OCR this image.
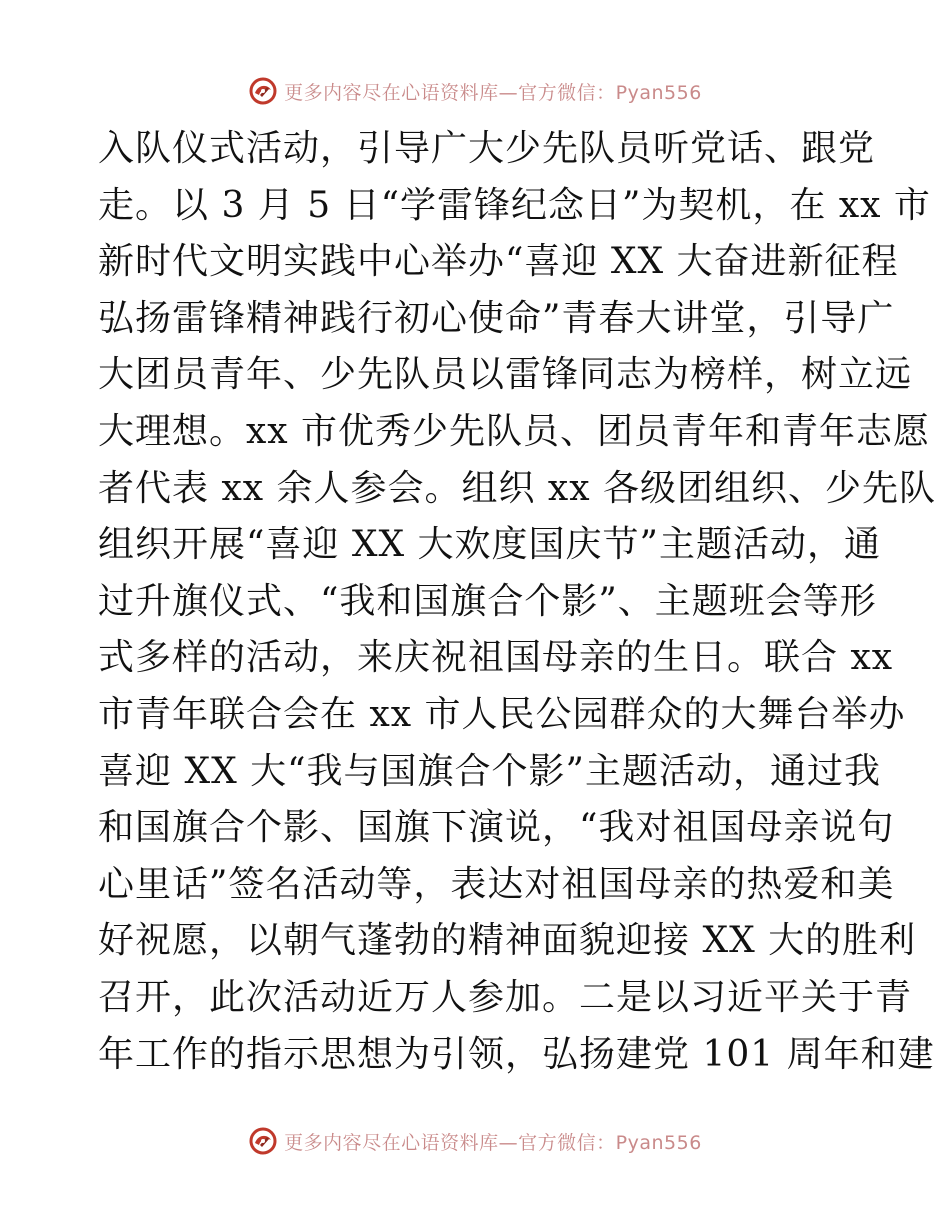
更多内容尽在心语资料库—官方微信：Pyan556
入队仪式活动，引导广大少先队员听党话、跟党
走。以 3 月 5 日“学雷锋纪念日”为契机，在 xx 市
新时代文明实践中心举办“喜迎 XX 大奋进新征程
弘扬雷锋精神践行初心使命”青春大讲堂，引导广
大团员青年、少先队员以雷锋同志为榜样，树立远
大理想。xx 市优秀少先队员、团员青年和青年志愿
者代表 xx 余人参会。组织 xx 各级团组织、少先队
组织开展“喜迎 XX 大欢度国庆节”主题活动，通
过升旗仪式、“我和国旗合个影”、主题班会等形
式多样的活动，来庆祝祖国母亲的生日。联合 xx
市青年联合会在 xx 市人民公园群众的大舞台举办
喜迎 XX 大“我与国旗合个影”主题活动，通过我
和国旗合个影、国旗下演说，“我对祖国母亲说句
心里话”签名活动等，表达对祖国母亲的热爱和美
好祝愿，以朝气蓬勃的精神面貌迎接 XX 大的胜利
召开，此次活动近万人参加。二是以习近平关于青
年工作的指示思想为引领，弘扬建党 101 周年和建
更多内容尽在心语资料库—官方微信：Pyan556
